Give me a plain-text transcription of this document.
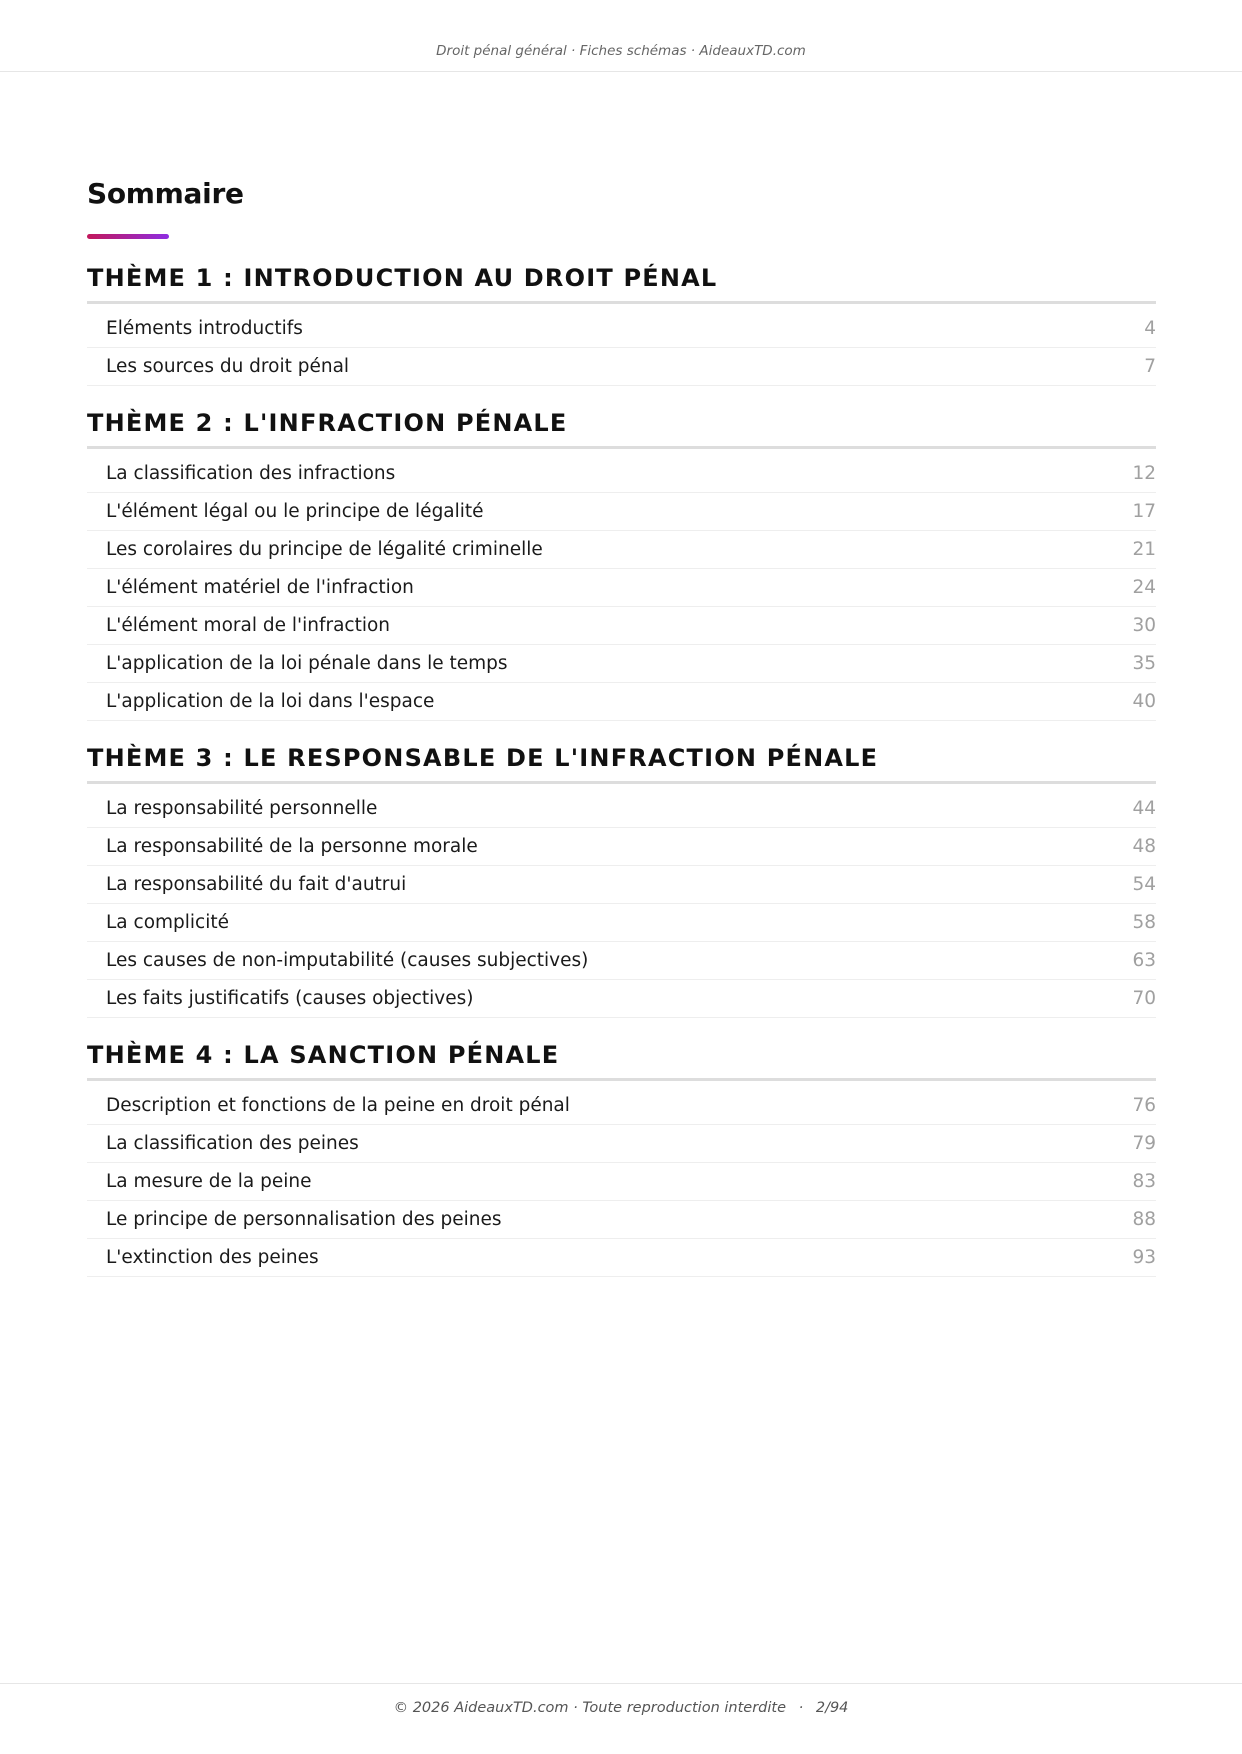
Droit pénal général · Fiches schémas · AideauxTD.com
Sommaire
THÈME 1 : INTRODUCTION AU DROIT PÉNAL
Eléments introductifs	4
Les sources du droit pénal	7
THÈME 2 : L'INFRACTION PÉNALE
La classification des infractions	12
L'élément légal ou le principe de légalité	17
Les corolaires du principe de légalité criminelle	21
L'élément matériel de l'infraction	24
L'élément moral de l'infraction	30
L'application de la loi pénale dans le temps	35
L'application de la loi dans l'espace	40
THÈME 3 : LE RESPONSABLE DE L'INFRACTION PÉNALE
La responsabilité personnelle	44
La responsabilité de la personne morale	48
La responsabilité du fait d'autrui	54
La complicité	58
Les causes de non-imputabilité (causes subjectives)	63
Les faits justificatifs (causes objectives)	70
THÈME 4 : LA SANCTION PÉNALE
Description et fonctions de la peine en droit pénal	76
La classification des peines	79
La mesure de la peine	83
Le principe de personnalisation des peines	88
L'extinction des peines	93
© 2026 AideauxTD.com · Toute reproduction interdite · 2/94
